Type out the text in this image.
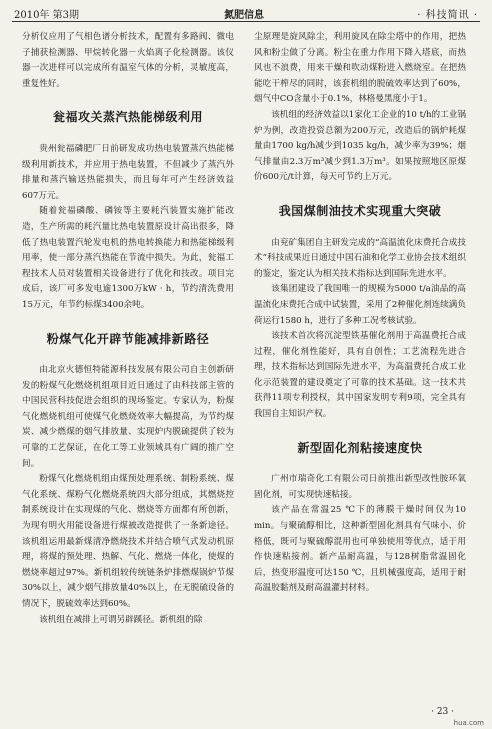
2010年 第3期	氮肥信息	· 科技简讯 ·

分析仪应用了气相色谱分析技术，配置有多路阀、微电子捕获检测器、甲烷转化器－火焰离子化检测器。该仪器一次进样可以完成所有温室气体的分析，灵敏度高，重复性好。

瓮福攻关蒸汽热能梯级利用

贵州瓮福磷肥厂日前研发成功热电装置蒸汽热能梯级利用新技术，并应用于热电装置，不但减少了蒸汽外排量和蒸汽输送热能损失，而且每年可产生经济效益607万元。

随着瓮福磷酸、磷铵等主要耗汽装置实施扩能改造，生产所需的耗汽量比热电装置原设计高出很多，降低了热电装置汽轮发电机的热电转换能力和热能梯级利用率，使一部分蒸汽热能在节流中损失。为此，瓮福工程技术人员对装置相关设备进行了优化和技改。项目完成后，该厂可多发电逾1300万kW · h，节约清洗费用15万元，年节约标煤3400余吨。

粉煤气化开辟节能减排新路径

由北京火德恒特能源科技发展有限公司自主创新研发的粉煤气化燃烧机组项目近日通过了由科技部主管的中国民营科技促进会组织的现场鉴定。专家认为，粉煤气化燃烧机组可使煤气化燃烧效率大幅提高，为节约煤炭、减少燃煤的烟气排放量、实现炉内脱硫提供了较为可靠的工艺保证，在化工等工业领域具有广阔的推广空间。

粉煤气化燃烧机组由煤预处理系统、制粉系统、煤气化系统、煤粉气化燃烧系统四大部分组成，其燃烧控制系统设计在实现煤的气化、燃烧等方面都有所创新，为现有明火用能设备进行煤被改造提供了一条新途径。该机组运用最新煤清净燃烧技术并结合喷气式发动机原理，将煤的预处理、热解、气化、燃烧一体化，使煤的燃烧率超过97%。新机组较传统链条炉排燃煤锅炉节煤30%以上，减少烟气排放量40%以上，在无脱硫设备的情况下，脱硫效率达到60%。

该机组在减排上可谓另辟蹊径。新机组的除

尘原理是旋风除尘，利用旋风在除尘塔中的作用，把热风和粉尘做了分离。粉尘在重力作用下降入塔底，而热风也不浪费，用来干燥和吹动煤粉进入燃烧室。在把热能吃干榨尽的同时，该套机组的脱硫效率达到了60%，烟气中CO含量小于0.1%，林格曼黑度小于1。

该机组的经济效益以1家化工企业的10 t/h的工业锅炉为例，改造投资总额为200万元，改造后的锅炉耗煤量由1700 kg/h减少到1035 kg/h，减少率为39%；烟气排量由2.3万m³减少到1.3万m³。如果按照地区原煤价600元/t计算，每天可节约上万元。

我国煤制油技术实现重大突破

由兖矿集团自主研发完成的“高温流化床费托合成技术”科技成果近日通过中国石油和化学工业协会技术组织的鉴定，鉴定认为相关技术指标达到国际先进水平。

该集团建设了我国唯一的规模为5000 t/a油品的高温流化床费托合成中试装置，采用了2种催化剂连续满负荷运行1580 h，进行了多种工况考核试验。

该技术首次将沉淀型铁基催化剂用于高温费托合成过程，催化剂性能好，具有自创性；工艺流程先进合理，技术指标达到国际先进水平，为高温费托合成工业化示范装置的建设奠定了可靠的技术基础。这一技术共获得11项专利授权，其中国家发明专利9项，完全具有我国自主知识产权。

新型固化剂粘接速度快

广州市瑞奇化工有限公司日前推出新型改性胺环氧固化剂，可实现快速粘接。

该产品在常温25 ℃下的薄膜干燥时间仅为10 min。与聚硫醇相比，这种新型固化剂具有气味小、价格低，既可与聚硫醇混用也可单独使用等优点，适于用作快速粘接剂。新产品耐高温，与128树脂常温固化后，热变形温度可达150 ℃，且机械强度高，适用于耐高温胶黏剂及耐高温灌封材料。

· 23 ·
hua.com
